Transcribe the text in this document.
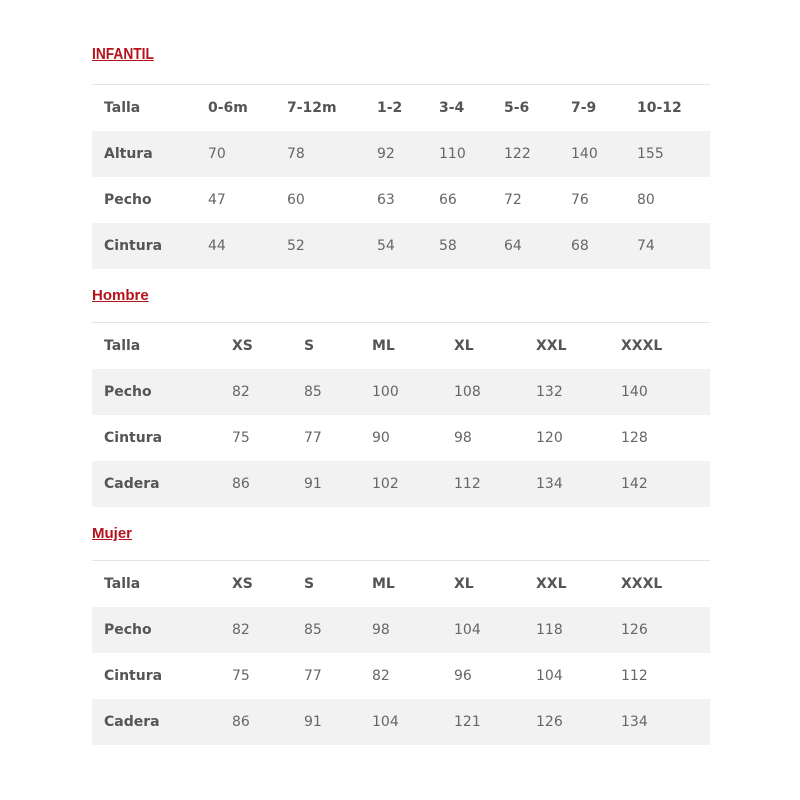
INFANTIL
Talla	0-6m	7-12m	1-2	3-4	5-6	7-9	10-12
Altura	70	78	92	110	122	140	155
Pecho	47	60	63	66	72	76	80
Cintura	44	52	54	58	64	68	74
Hombre
Talla	XS	S	ML	XL	XXL	XXXL
Pecho	82	85	100	108	132	140
Cintura	75	77	90	98	120	128
Cadera	86	91	102	112	134	142
Mujer
Talla	XS	S	ML	XL	XXL	XXXL
Pecho	82	85	98	104	118	126
Cintura	75	77	82	96	104	112
Cadera	86	91	104	121	126	134
